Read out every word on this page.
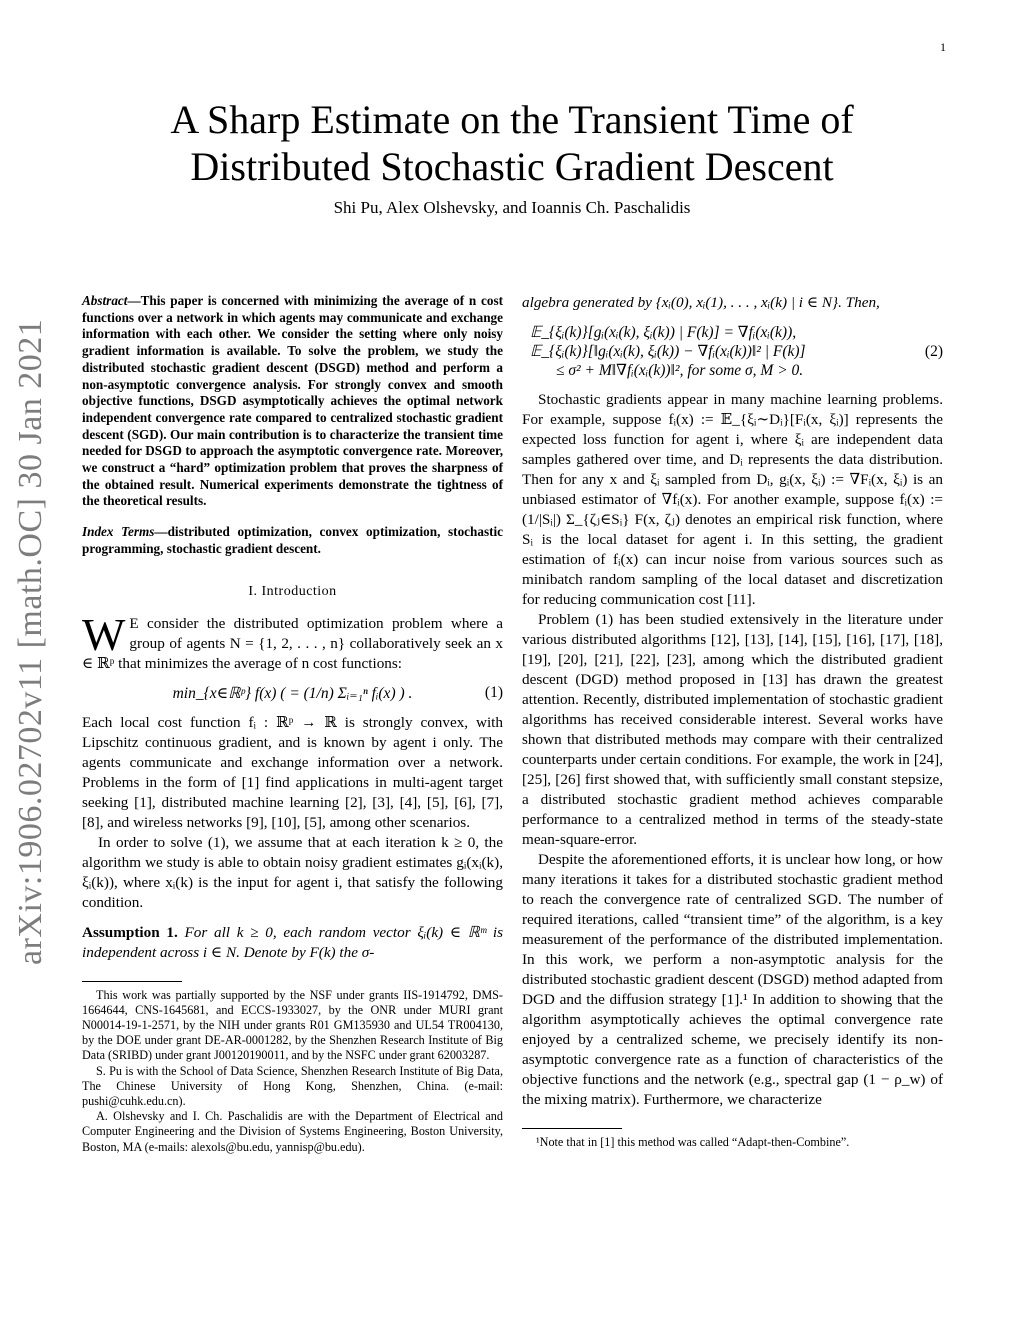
1
A Sharp Estimate on the Transient Time of
Distributed Stochastic Gradient Descent
Shi Pu, Alex Olshevsky, and Ioannis Ch. Paschalidis
arXiv:1906.02702v11 [math.OC] 30 Jan 2021

Abstract—This paper is concerned with minimizing the average of n cost functions over a network in which agents may communicate and exchange information with each other. We consider the setting where only noisy gradient information is available. To solve the problem, we study the distributed stochastic gradient descent (DSGD) method and perform a non-asymptotic convergence analysis. For strongly convex and smooth objective functions, DSGD asymptotically achieves the optimal network independent convergence rate compared to centralized stochastic gradient descent (SGD). Our main contribution is to characterize the transient time needed for DSGD to approach the asymptotic convergence rate. Moreover, we construct a “hard” optimization problem that proves the sharpness of the obtained result. Numerical experiments demonstrate the tightness of the theoretical results.

Index Terms—distributed optimization, convex optimization, stochastic programming, stochastic gradient descent.

I. Introduction

W E consider the distributed optimization problem where a group of agents N = {1, 2, . . . , n} collaboratively seek an x ∈ ℝᵖ that minimizes the average of n cost functions:

min_{x∈ℝᵖ} f(x) ( = (1/n) Σᵢ₌₁ⁿ fᵢ(x) ) .	(1)

Each local cost function fᵢ : ℝᵖ → ℝ is strongly convex, with Lipschitz continuous gradient, and is known by agent i only. The agents communicate and exchange information over a network. Problems in the form of [1] find applications in multi-agent target seeking [1], distributed machine learning [2], [3], [4], [5], [6], [7], [8], and wireless networks [9], [10], [5], among other scenarios.

In order to solve (1), we assume that at each iteration k ≥ 0, the algorithm we study is able to obtain noisy gradient estimates gᵢ(xᵢ(k), ξᵢ(k)), where xᵢ(k) is the input for agent i, that satisfy the following condition.

Assumption 1. For all k ≥ 0, each random vector ξᵢ(k) ∈ ℝᵐ is independent across i ∈ N. Denote by F(k) the σ-

This work was partially supported by the NSF under grants IIS-1914792, DMS-1664644, CNS-1645681, and ECCS-1933027, by the ONR under MURI grant N00014-19-1-2571, by the NIH under grants R01 GM135930 and UL54 TR004130, by the DOE under grant DE-AR-0001282, by the Shenzhen Research Institute of Big Data (SRIBD) under grant J00120190011, and by the NSFC under grant 62003287.

S. Pu is with the School of Data Science, Shenzhen Research Institute of Big Data, The Chinese University of Hong Kong, Shenzhen, China. (e-mail: pushi@cuhk.edu.cn).

A. Olshevsky and I. Ch. Paschalidis are with the Department of Electrical and Computer Engineering and the Division of Systems Engineering, Boston University, Boston, MA (e-mails: alexols@bu.edu, yannisp@bu.edu).

algebra generated by {xᵢ(0), xᵢ(1), . . . , xᵢ(k) | i ∈ N}. Then,

𝔼_{ξᵢ(k)}[gᵢ(xᵢ(k), ξᵢ(k)) | F(k)] = ∇fᵢ(xᵢ(k)),
𝔼_{ξᵢ(k)}[‖gᵢ(xᵢ(k), ξᵢ(k)) − ∇fᵢ(xᵢ(k))‖² | F(k)]
≤ σ² + M‖∇fᵢ(xᵢ(k))‖², for some σ, M > 0.
(2)

Stochastic gradients appear in many machine learning problems. For example, suppose fᵢ(x) := 𝔼_{ξᵢ∼Dᵢ}[Fᵢ(x, ξᵢ)] represents the expected loss function for agent i, where ξᵢ are independent data samples gathered over time, and Dᵢ represents the data distribution. Then for any x and ξᵢ sampled from Dᵢ, gᵢ(x, ξᵢ) := ∇Fᵢ(x, ξᵢ) is an unbiased estimator of ∇fᵢ(x). For another example, suppose fᵢ(x) := (1/|Sᵢ|) Σ_{ζⱼ∈Sᵢ} F(x, ζⱼ) denotes an empirical risk function, where Sᵢ is the local dataset for agent i. In this setting, the gradient estimation of fᵢ(x) can incur noise from various sources such as minibatch random sampling of the local dataset and discretization for reducing communication cost [11].

Problem (1) has been studied extensively in the literature under various distributed algorithms [12], [13], [14], [15], [16], [17], [18], [19], [20], [21], [22], [23], among which the distributed gradient descent (DGD) method proposed in [13] has drawn the greatest attention. Recently, distributed implementation of stochastic gradient algorithms has received considerable interest. Several works have shown that distributed methods may compare with their centralized counterparts under certain conditions. For example, the work in [24], [25], [26] first showed that, with sufficiently small constant stepsize, a distributed stochastic gradient method achieves comparable performance to a centralized method in terms of the steady-state mean-square-error.

Despite the aforementioned efforts, it is unclear how long, or how many iterations it takes for a distributed stochastic gradient method to reach the convergence rate of centralized SGD. The number of required iterations, called “transient time” of the algorithm, is a key measurement of the performance of the distributed implementation. In this work, we perform a non-asymptotic analysis for the distributed stochastic gradient descent (DSGD) method adapted from DGD and the diffusion strategy [1].¹ In addition to showing that the algorithm asymptotically achieves the optimal convergence rate enjoyed by a centralized scheme, we precisely identify its non-asymptotic convergence rate as a function of characteristics of the objective functions and the network (e.g., spectral gap (1 − ρ_w) of the mixing matrix). Furthermore, we characterize

¹Note that in [1] this method was called “Adapt-then-Combine”.
